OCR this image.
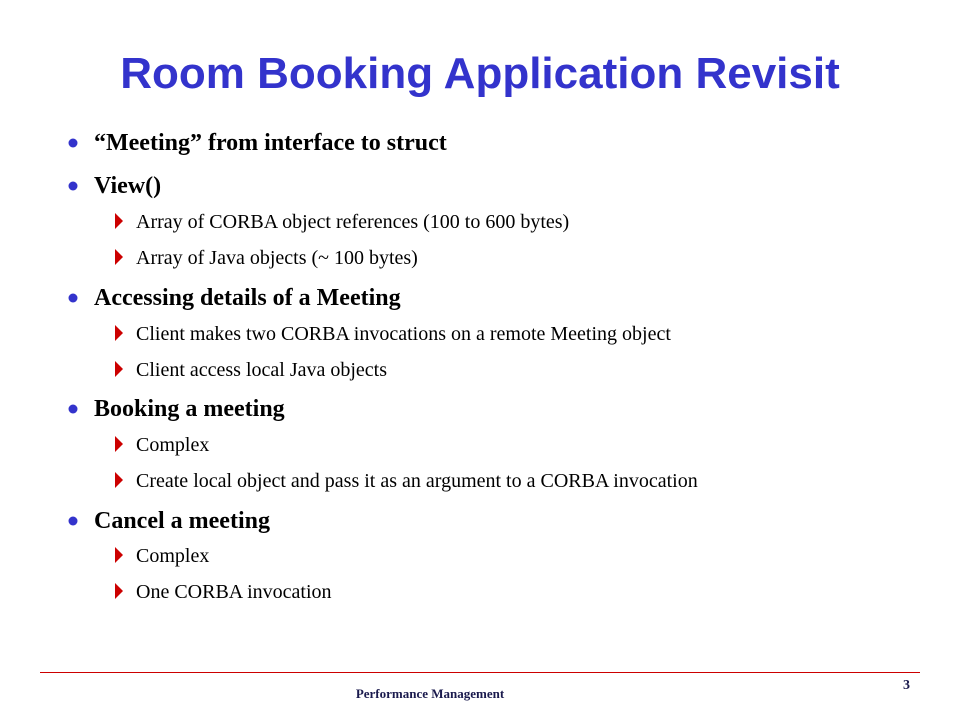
Room Booking Application Revisit
“Meeting” from interface to struct
View()
Array of CORBA object references (100 to 600 bytes)
Array of Java objects (~ 100 bytes)
Accessing details of a Meeting
Client makes two CORBA invocations on a remote Meeting object
Client access local Java objects
Booking a meeting
Complex
Create local object and pass it as an argument to a CORBA invocation
Cancel a meeting
Complex
One CORBA invocation
Performance Management
3
